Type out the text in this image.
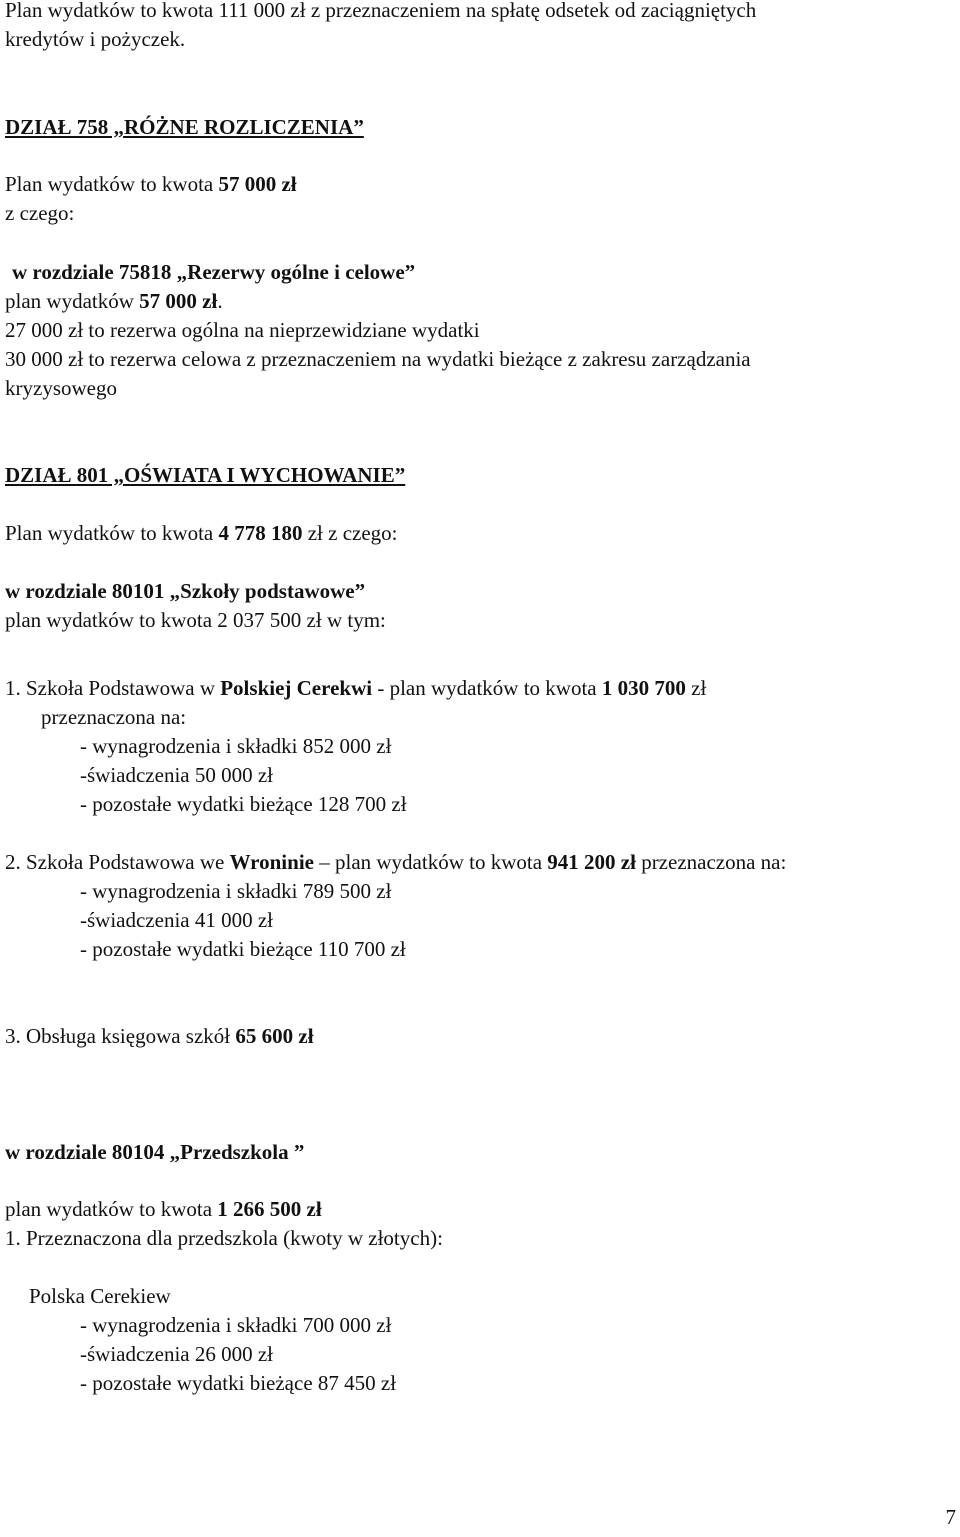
Plan wydatków to kwota 111 000 zł z przeznaczeniem na spłatę odsetek od zaciągniętych
kredytów i pożyczek.
DZIAŁ 758 „RÓŻNE ROZLICZENIA”
Plan wydatków to kwota 57 000 zł
z czego:
w rozdziale 75818 „Rezerwy ogólne i celowe”
plan wydatków 57 000 zł.
27 000 zł to rezerwa ogólna na nieprzewidziane wydatki
30 000 zł to rezerwa celowa z przeznaczeniem na wydatki bieżące z zakresu zarządzania
kryzysowego
DZIAŁ 801 „OŚWIATA I WYCHOWANIE”
Plan wydatków to kwota 4 778 180 zł z czego:
w rozdziale 80101 „Szkoły podstawowe”
plan wydatków to kwota 2 037 500 zł w tym:
1. Szkoła Podstawowa w Polskiej Cerekwi - plan wydatków to kwota 1 030 700 zł
przeznaczona na:
- wynagrodzenia i składki 852 000 zł
-świadczenia 50 000 zł
- pozostałe wydatki bieżące 128 700 zł
2. Szkoła Podstawowa we Wroninie – plan wydatków to kwota 941 200 zł przeznaczona na:
- wynagrodzenia i składki 789 500 zł
-świadczenia 41 000 zł
- pozostałe wydatki bieżące 110 700 zł
3. Obsługa księgowa szkół 65 600 zł
w rozdziale 80104 „Przedszkola ”
plan wydatków to kwota 1 266 500 zł
1. Przeznaczona dla przedszkola (kwoty w złotych):
Polska Cerekiew
- wynagrodzenia i składki 700 000 zł
-świadczenia 26 000 zł
- pozostałe wydatki bieżące 87 450 zł
7
